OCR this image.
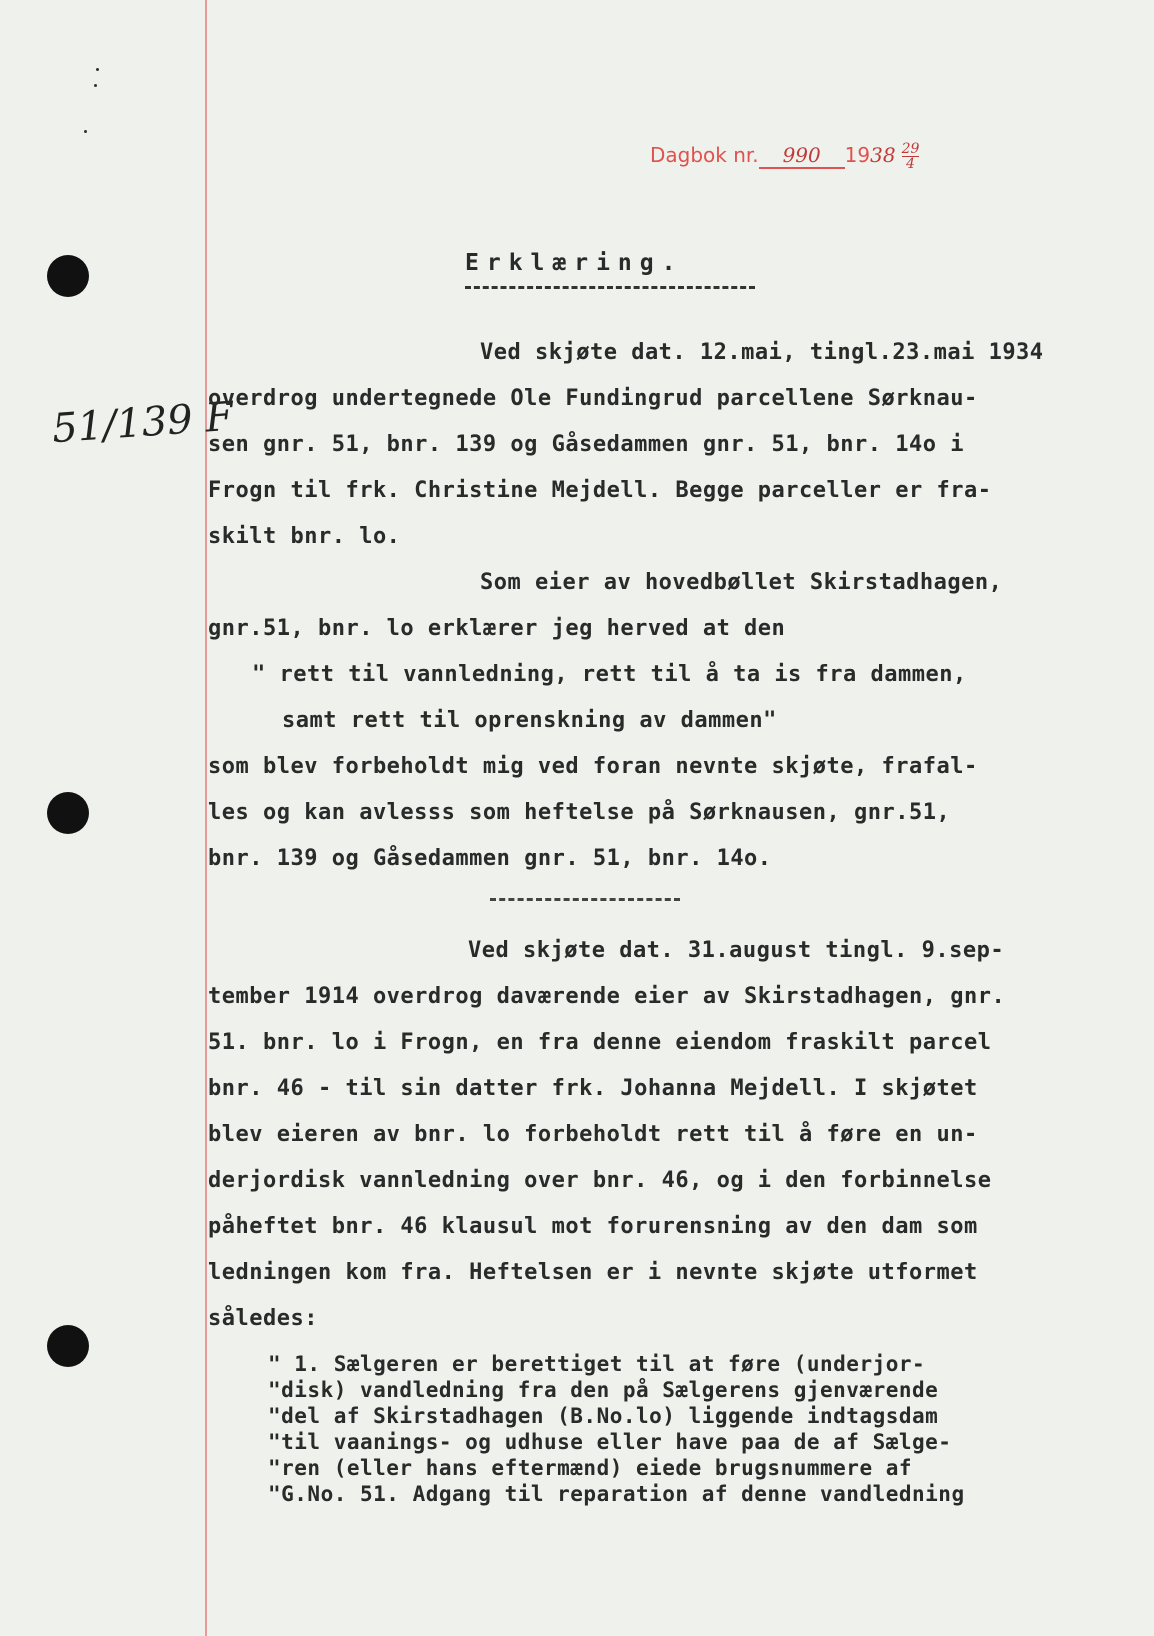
Dagbok nr. 990 $1938 \frac{29}{4}$
51/139 F
Erklæring.
Ved skjøte dat. 12.mai, tingl.23.mai 1934
overdrog undertegnede Ole Fundingrud parcellene Sørknau-
sen gnr. 51, bnr. 139 og Gåsedammen gnr. 51, bnr. 14o i
Frogn til frk. Christine Mejdell. Begge parceller er fra-
skilt bnr. lo.
Som eier av hovedbøllet Skirstadhagen,
gnr.51, bnr. lo erklærer jeg herved at den
" rett til vannledning, rett til å ta is fra dammen,
samt rett til oprenskning av dammen"
som blev forbeholdt mig ved foran nevnte skjøte, frafal-
les og kan avlesss som heftelse på Sørknausen, gnr.51,
bnr. 139 og Gåsedammen gnr. 51, bnr. 14o.
Ved skjøte dat. 31.august tingl. 9.sep-
tember 1914 overdrog daværende eier av Skirstadhagen, gnr.
51. bnr. lo i Frogn, en fra denne eiendom fraskilt parcel
bnr. 46 - til sin datter frk. Johanna Mejdell. I skjøtet
blev eieren av bnr. lo forbeholdt rett til å føre en un-
derjordisk vannledning over bnr. 46, og i den forbinnelse
påheftet bnr. 46 klausul mot forurensning av den dam som
ledningen kom fra. Heftelsen er i nevnte skjøte utformet
således:
" 1. Sælgeren er berettiget til at føre (underjor-
"disk) vandledning fra den på Sælgerens gjenværende
"del af Skirstadhagen (B.No.lo) liggende indtagsdam
"til vaanings- og udhuse eller have paa de af Sælge-
"ren (eller hans eftermænd) eiede brugsnummere af
"G.No. 51. Adgang til reparation af denne vandledning
